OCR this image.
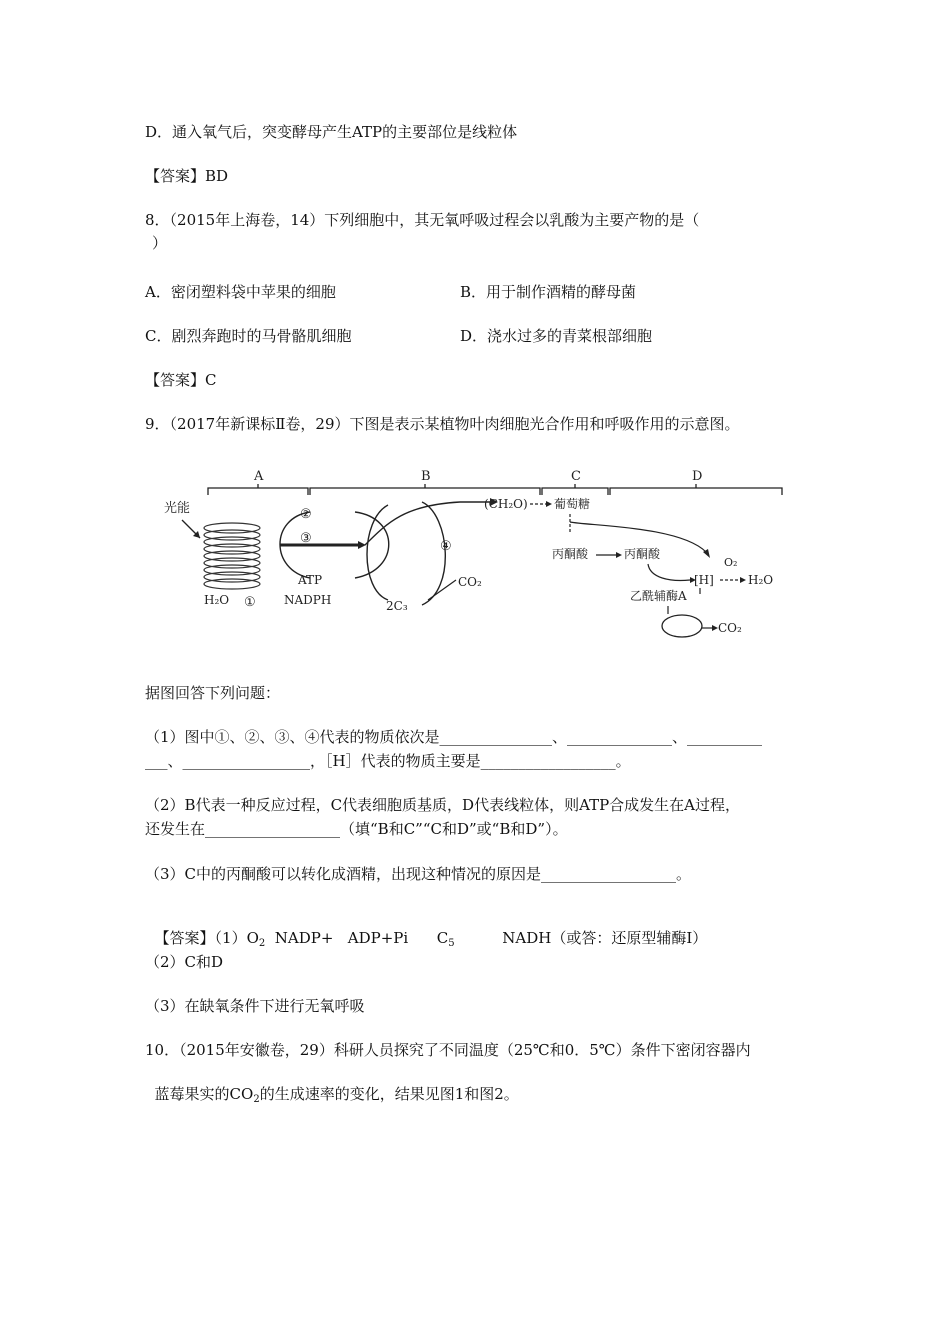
D．通入氧气后，突变酵母产生ATP的主要部位是线粒体
【答案】BD
8．（2015年上海卷，14）下列细胞中，其无氧呼吸过程会以乳酸为主要产物的是（
）
A．密闭塑料袋中苹果的细胞	B．用于制作酒精的酵母菌
C．剧烈奔跑时的马骨骼肌细胞	D．浇水过多的青菜根部细胞
【答案】C
9．（2017年新课标Ⅱ卷，29）下图是表示某植物叶肉细胞光合作用和呼吸作用的示意图。
A	B	C	D
光能	②
③
④
ATP
NADPH
H₂O ①	2C₃
CO₂
(CH₂O) 葡萄糖
丙酮酸	丙酮酸
[H]
O₂
H₂O
乙酰辅酶A
CO₂
据图回答下列问题：
（1）图中①、②、③、④代表的物质依次是_______________、______________、__________
___、_________________，［H］代表的物质主要是__________________。
（2）B代表一种反应过程，C代表细胞质基质，D代表线粒体，则ATP合成发生在A过程，
还发生在__________________（填“B和C”“C和D”或“B和D”）。
（3）C中的丙酮酸可以转化成酒精，出现这种情况的原因是__________________。

【答案】$(1)O_2$  NADP+   ADP+Pi      $C_5$          NADH（或答：还原型辅酶Ⅰ）

（2）C和D
（3）在缺氧条件下进行无氧呼吸
10．（2015年安徽卷，29）科研人员探究了不同温度（25℃和0．5℃）条件下密闭容器内

蓝莓果实的$CO_2$的生成速率的变化，结果见图1和图2。
